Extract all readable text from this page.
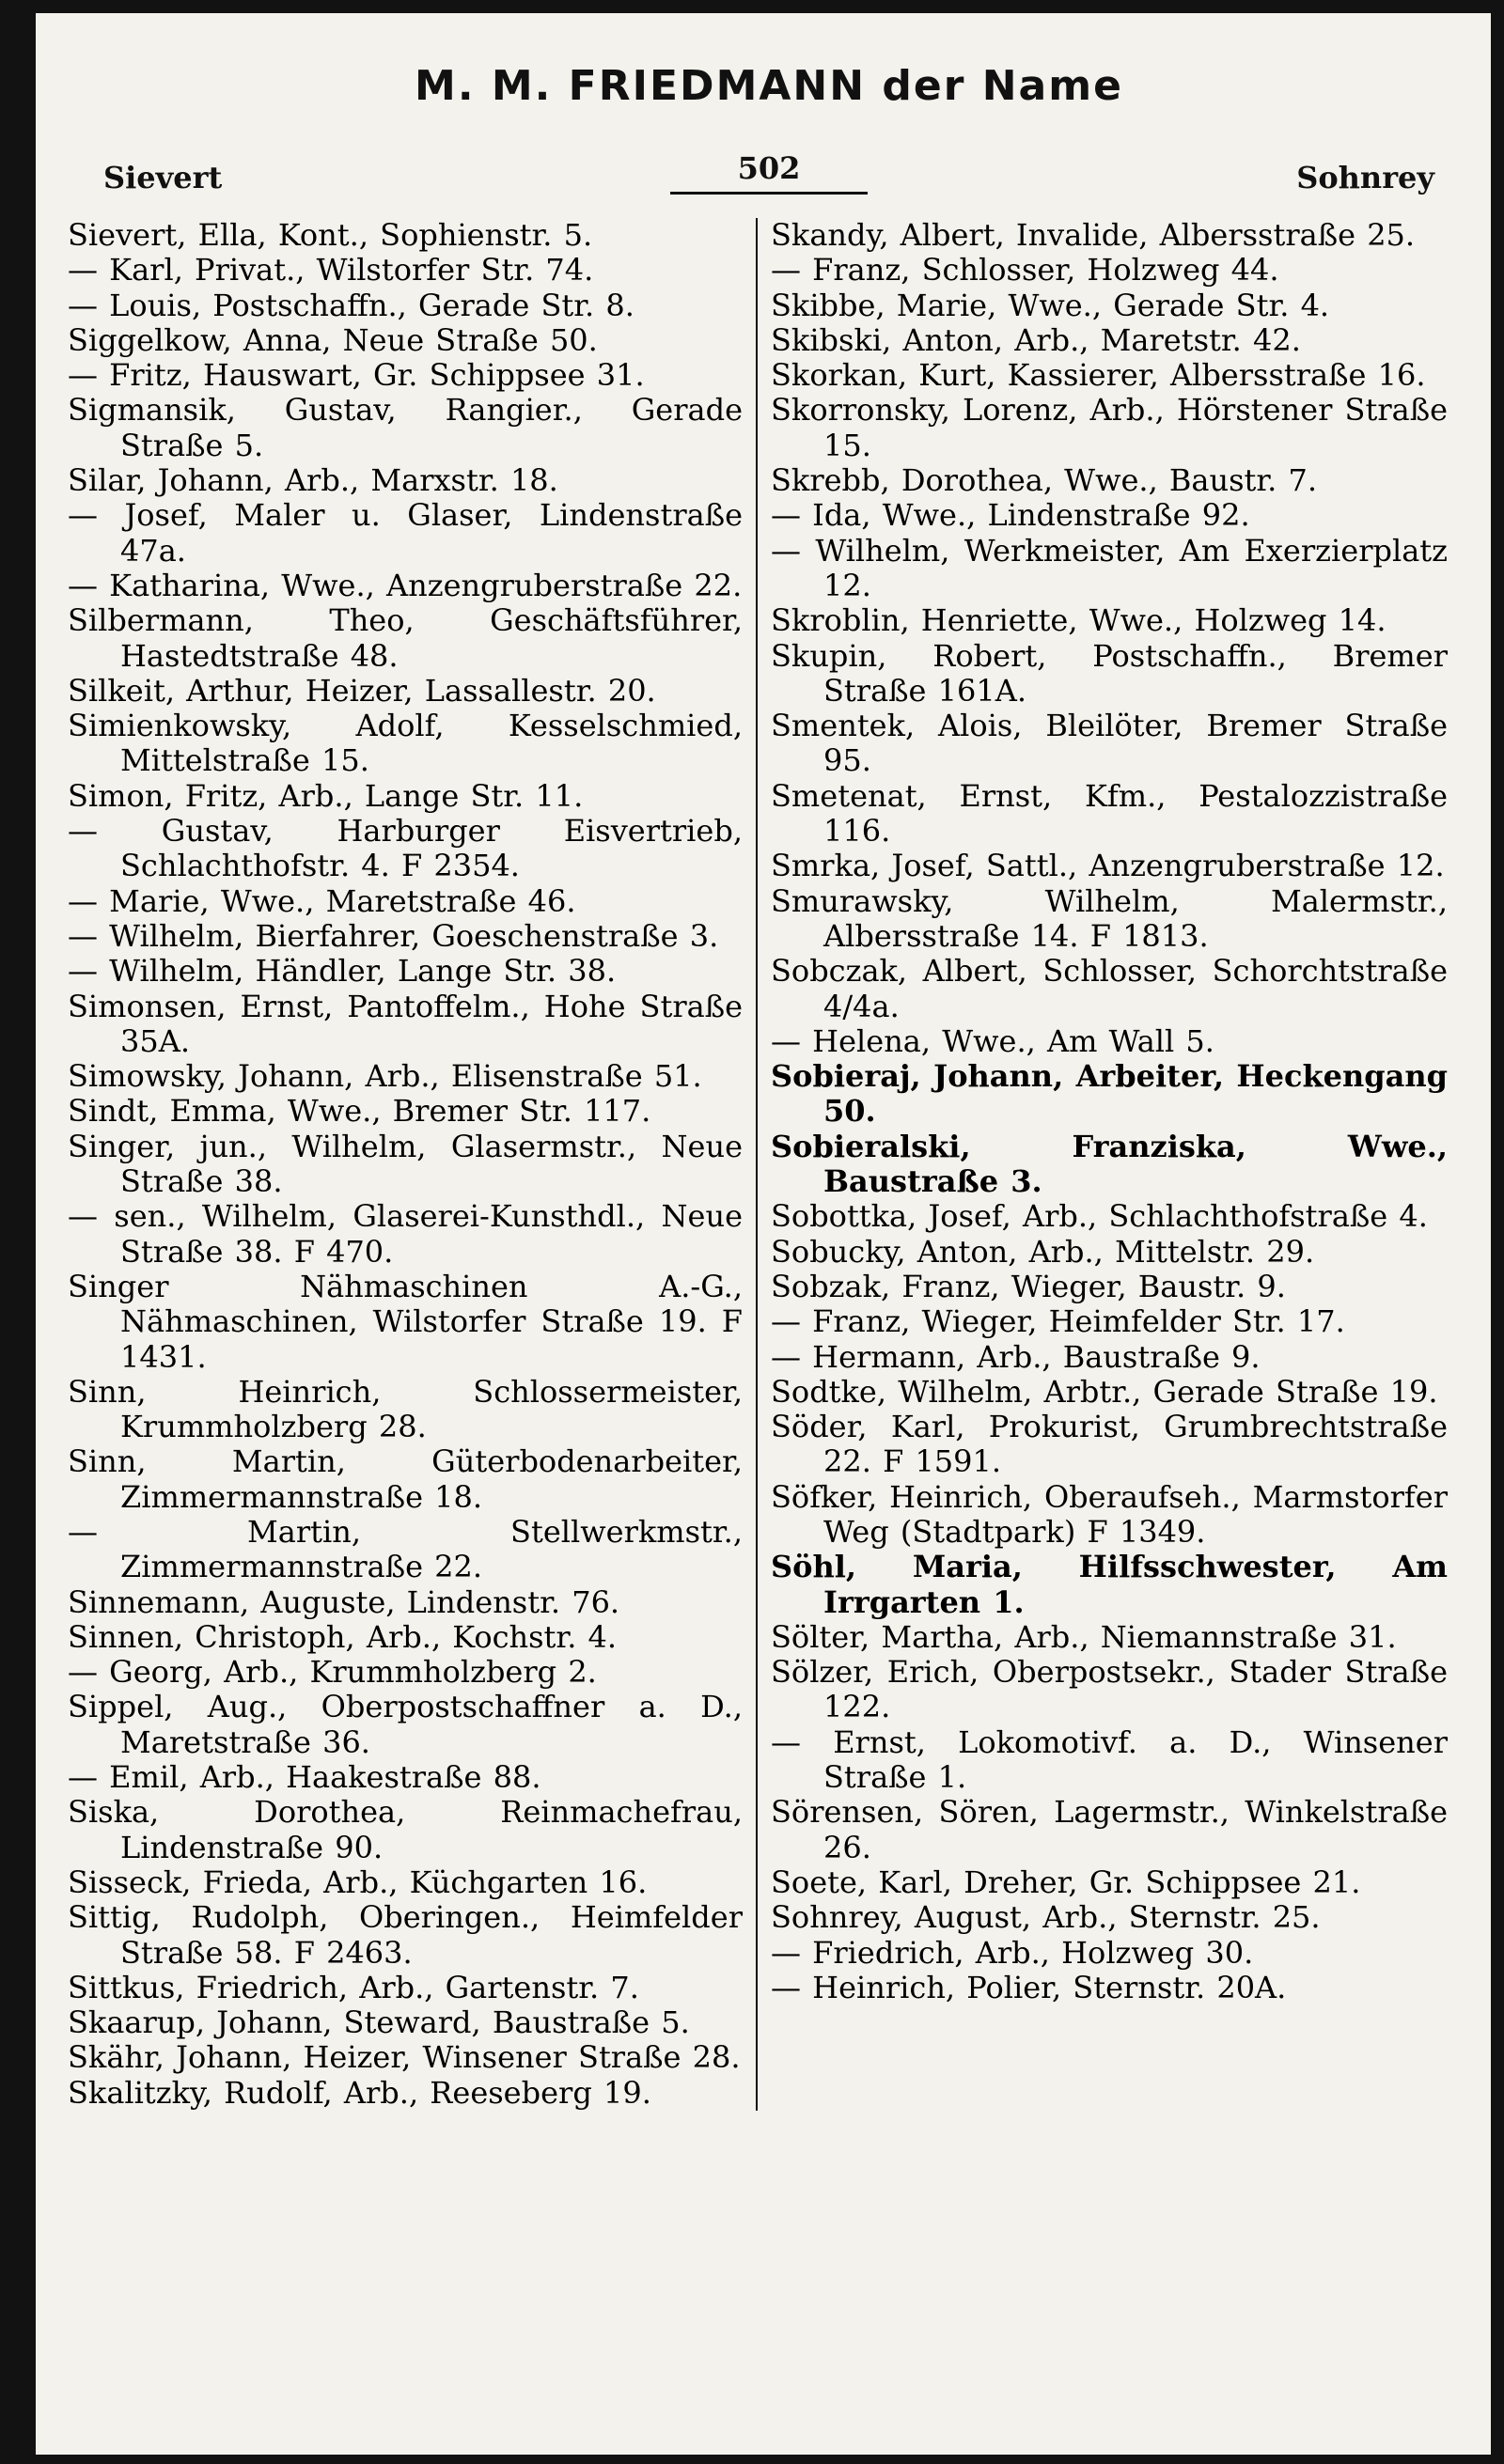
M. M. FRIEDMANN der Name
Sievert	502	Sohnrey
Sievert, Ella, Kont., Sophienstr. 5.
— Karl, Privat., Wilstorfer Str. 74.
— Louis, Postschaffn., Gerade Str. 8.
Siggelkow, Anna, Neue Straße 50.
— Fritz, Hauswart, Gr. Schippsee 31.
Sigmansik, Gustav, Rangier., Gerade Straße 5.
Silar, Johann, Arb., Marxstr. 18.
— Josef, Maler u. Glaser, Lindenstraße 47a.
— Katharina, Wwe., Anzengruberstraße 22.
Silbermann, Theo, Geschäftsführer, Hastedtstraße 48.
Silkeit, Arthur, Heizer, Lassallestr. 20.
Simienkowsky, Adolf, Kesselschmied, Mittelstraße 15.
Simon, Fritz, Arb., Lange Str. 11.
— Gustav, Harburger Eisvertrieb, Schlachthofstr. 4. F 2354.
— Marie, Wwe., Maretstraße 46.
— Wilhelm, Bierfahrer, Goeschenstraße 3.
— Wilhelm, Händler, Lange Str. 38.
Simonsen, Ernst, Pantoffelm., Hohe Straße 35A.
Simowsky, Johann, Arb., Elisenstraße 51.
Sindt, Emma, Wwe., Bremer Str. 117.
Singer, jun., Wilhelm, Glasermstr., Neue Straße 38.
— sen., Wilhelm, Glaserei-Kunsthdl., Neue Straße 38. F 470.
Singer Nähmaschinen A.-G., Nähmaschinen, Wilstorfer Straße 19. F 1431.
Sinn, Heinrich, Schlossermeister, Krummholzberg 28.
Sinn, Martin, Güterbodenarbeiter, Zimmermannstraße 18.
— Martin, Stellwerkmstr., Zimmermannstraße 22.
Sinnemann, Auguste, Lindenstr. 76.
Sinnen, Christoph, Arb., Kochstr. 4.
— Georg, Arb., Krummholzberg 2.
Sippel, Aug., Oberpostschaffner a. D., Maretstraße 36.
— Emil, Arb., Haakestraße 88.
Siska, Dorothea, Reinmachefrau, Lindenstraße 90.
Sisseck, Frieda, Arb., Küchgarten 16.
Sittig, Rudolph, Oberingen., Heimfelder Straße 58. F 2463.
Sittkus, Friedrich, Arb., Gartenstr. 7.
Skaarup, Johann, Steward, Baustraße 5.
Skähr, Johann, Heizer, Winsener Straße 28.
Skalitzky, Rudolf, Arb., Reeseberg 19.
Skandy, Albert, Invalide, Albersstraße 25.
— Franz, Schlosser, Holzweg 44.
Skibbe, Marie, Wwe., Gerade Str. 4.
Skibski, Anton, Arb., Maretstr. 42.
Skorkan, Kurt, Kassierer, Albersstraße 16.
Skorronsky, Lorenz, Arb., Hörstener Straße 15.
Skrebb, Dorothea, Wwe., Baustr. 7.
— Ida, Wwe., Lindenstraße 92.
— Wilhelm, Werkmeister, Am Exerzierplatz 12.
Skroblin, Henriette, Wwe., Holzweg 14.
Skupin, Robert, Postschaffn., Bremer Straße 161A.
Smentek, Alois, Bleilöter, Bremer Straße 95.
Smetenat, Ernst, Kfm., Pestalozzistraße 116.
Smrka, Josef, Sattl., Anzengruberstraße 12.
Smurawsky, Wilhelm, Malermstr., Albersstraße 14. F 1813.
Sobczak, Albert, Schlosser, Schorchtstraße 4/4a.
— Helena, Wwe., Am Wall 5.
Sobieraj, Johann, Arbeiter, Heckengang 50.
Sobieralski, Franziska, Wwe., Baustraße 3.
Sobottka, Josef, Arb., Schlachthofstraße 4.
Sobucky, Anton, Arb., Mittelstr. 29.
Sobzak, Franz, Wieger, Baustr. 9.
— Franz, Wieger, Heimfelder Str. 17.
— Hermann, Arb., Baustraße 9.
Sodtke, Wilhelm, Arbtr., Gerade Straße 19.
Söder, Karl, Prokurist, Grumbrechtstraße 22. F 1591.
Söfker, Heinrich, Oberaufseh., Marmstorfer Weg (Stadtpark) F 1349.
Söhl, Maria, Hilfsschwester, Am Irrgarten 1.
Sölter, Martha, Arb., Niemannstraße 31.
Sölzer, Erich, Oberpostsekr., Stader Straße 122.
— Ernst, Lokomotivf. a. D., Winsener Straße 1.
Sörensen, Sören, Lagermstr., Winkelstraße 26.
Soete, Karl, Dreher, Gr. Schippsee 21.
Sohnrey, August, Arb., Sternstr. 25.
— Friedrich, Arb., Holzweg 30.
— Heinrich, Polier, Sternstr. 20A.
